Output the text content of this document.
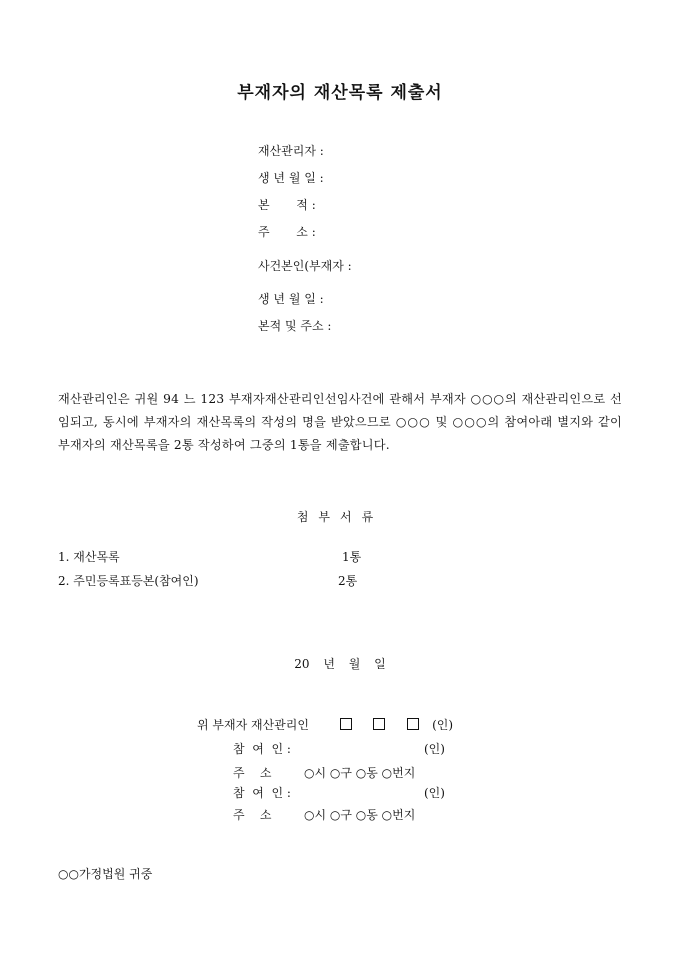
부재자의 재산목록 제출서
재산관리자 :
생 년 월 일 :
본       적 :
주       소 :
사건본인(부재자 :
생 년 월 일 :
본적 및 주소 :
재산관리인은 귀원 94 느 123 부재자재산관리인선임사건에 관해서 부재자 ○○○의 재산관리인으로 선임되고, 동시에 부재자의 재산목록의 작성의 명을 받았으므로 ○○○ 및 ○○○의 참여아래 별지와 같이 부재자의 재산목록을 2통 작성하여 그중의 1통을 제출합니다.
첨부서류
1. 재산목록	1통
2. 주민등록표등본(참여인)	2통
20 년 월 일
위 부재자 재산관리인	(인)
참  여  인 :	(인)
주    소	○시 ○구 ○동 ○번지
참  여  인 :	(인)
주    소	○시 ○구 ○동 ○번지
○○가정법원 귀중
